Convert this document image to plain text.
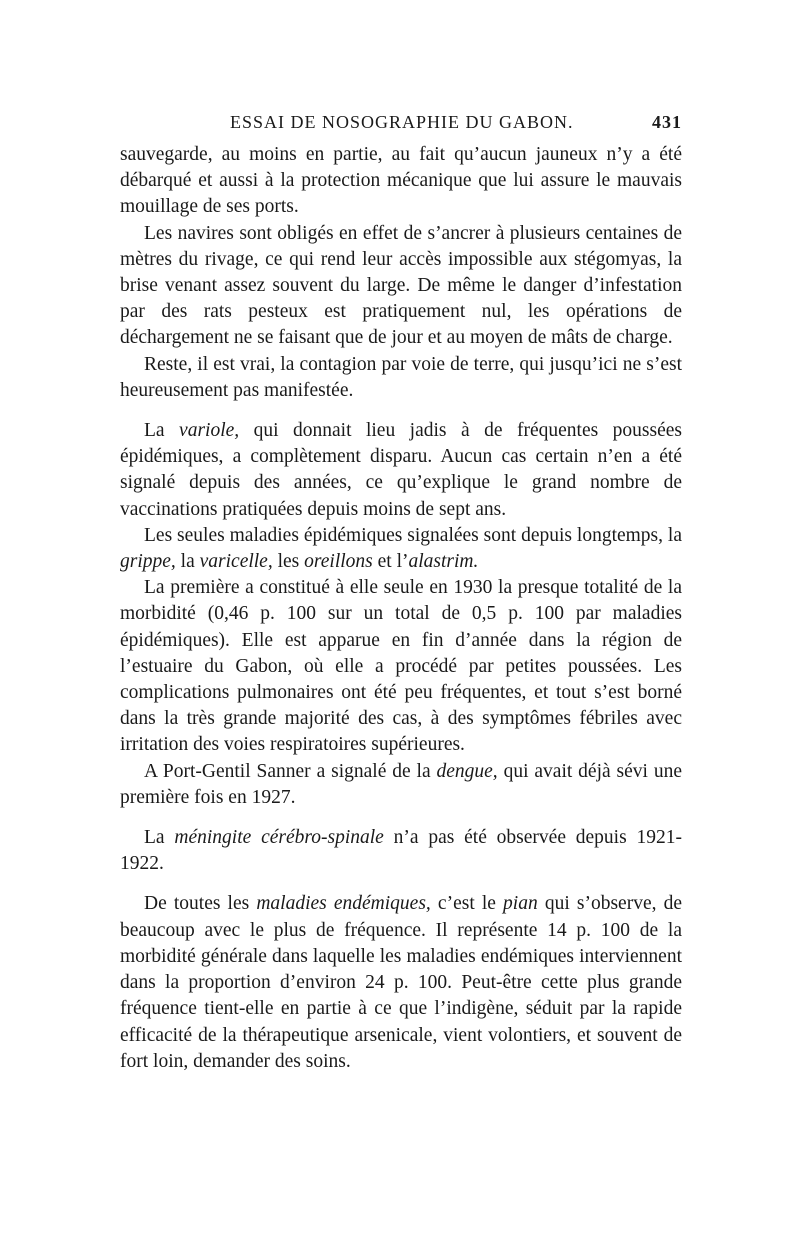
ESSAI DE NOSOGRAPHIE DU GABON.	431

sauvegarde, au moins en partie, au fait qu’aucun jauneux n’y a été débarqué et aussi à la protection mécanique que lui assure le mauvais mouillage de ses ports.

Les navires sont obligés en effet de s’ancrer à plusieurs centaines de mètres du rivage, ce qui rend leur accès impossible aux stégomyas, la brise venant assez souvent du large. De même le danger d’infestation par des rats pesteux est pratiquement nul, les opérations de déchargement ne se faisant que de jour et au moyen de mâts de charge.

Reste, il est vrai, la contagion par voie de terre, qui jusqu’ici ne s’est heureusement pas manifestée.

La variole, qui donnait lieu jadis à de fréquentes poussées épidémiques, a complètement disparu. Aucun cas certain n’en a été signalé depuis des années, ce qu’explique le grand nombre de vaccinations pratiquées depuis moins de sept ans.

Les seules maladies épidémiques signalées sont depuis longtemps, la grippe, la varicelle, les oreillons et l’alastrim.

La première a constitué à elle seule en 1930 la presque totalité de la morbidité (0,46 p. 100 sur un total de 0,5 p. 100 par maladies épidémiques). Elle est apparue en fin d’année dans la région de l’estuaire du Gabon, où elle a procédé par petites poussées. Les complications pulmonaires ont été peu fréquentes, et tout s’est borné dans la très grande majorité des cas, à des symptômes fébriles avec irritation des voies respiratoires supérieures.

A Port-Gentil Sanner a signalé de la dengue, qui avait déjà sévi une première fois en 1927.

La méningite cérébro-spinale n’a pas été observée depuis 1921-1922.

De toutes les maladies endémiques, c’est le pian qui s’observe, de beaucoup avec le plus de fréquence. Il représente 14 p. 100 de la morbidité générale dans laquelle les maladies endémiques interviennent dans la proportion d’environ 24 p. 100. Peut-être cette plus grande fréquence tient-elle en partie à ce que l’indigène, séduit par la rapide efficacité de la thérapeutique arsenicale, vient volontiers, et souvent de fort loin, demander des soins.
